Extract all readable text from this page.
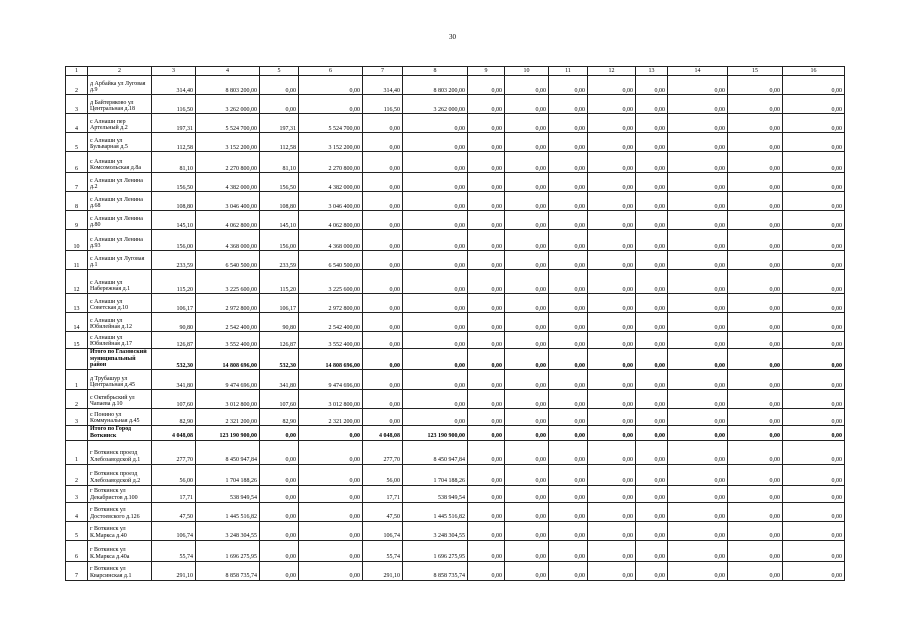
30
1	2	3	4	5	6	7	8	9	10	11	12	13	14	15	16
2	д Арбайка ул Луговая д.9	314,40	8 803 200,00	0,00	0,00	314,40	8 803 200,00	0,00	0,00	0,00	0,00	0,00	0,00	0,00	0,00
3	д Байтеряково ул Центральная д.18	116,50	3 262 000,00	0,00	0,00	116,50	3 262 000,00	0,00	0,00	0,00	0,00	0,00	0,00	0,00	0,00
4	с Алнаши пер Артельный д.2	197,31	5 524 700,00	197,31	5 524 700,00	0,00	0,00	0,00	0,00	0,00	0,00	0,00	0,00	0,00	0,00
5	с Алнаши ул Бульварная д.5	112,58	3 152 200,00	112,58	3 152 200,00	0,00	0,00	0,00	0,00	0,00	0,00	0,00	0,00	0,00	0,00
6	с Алнаши ул Комсомольская д.8а	81,10	2 270 800,00	81,10	2 270 800,00	0,00	0,00	0,00	0,00	0,00	0,00	0,00	0,00	0,00	0,00
7	с Алнаши ул Ленина д.2	156,50	4 382 000,00	156,50	4 382 000,00	0,00	0,00	0,00	0,00	0,00	0,00	0,00	0,00	0,00	0,00
8	с Алнаши ул Ленина д.68	108,80	3 046 400,00	108,80	3 046 400,00	0,00	0,00	0,00	0,00	0,00	0,00	0,00	0,00	0,00	0,00
9	с Алнаши ул Ленина д.80	145,10	4 062 800,00	145,10	4 062 800,00	0,00	0,00	0,00	0,00	0,00	0,00	0,00	0,00	0,00	0,00
10	с Алнаши ул Ленина д.93	156,00	4 368 000,00	156,00	4 368 000,00	0,00	0,00	0,00	0,00	0,00	0,00	0,00	0,00	0,00	0,00
11	с Алнаши ул Луговая д.1	233,59	6 540 500,00	233,59	6 540 500,00	0,00	0,00	0,00	0,00	0,00	0,00	0,00	0,00	0,00	0,00
12	с Алнаши ул Набережная д.1	115,20	3 225 600,00	115,20	3 225 600,00	0,00	0,00	0,00	0,00	0,00	0,00	0,00	0,00	0,00	0,00
13	с Алнаши ул Советская д.10	106,17	2 972 800,00	106,17	2 972 800,00	0,00	0,00	0,00	0,00	0,00	0,00	0,00	0,00	0,00	0,00
14	с Алнаши ул Юбилейная д.12	90,80	2 542 400,00	90,80	2 542 400,00	0,00	0,00	0,00	0,00	0,00	0,00	0,00	0,00	0,00	0,00
15	с Алнаши ул Юбилейная д.17	126,87	3 552 400,00	126,87	3 552 400,00	0,00	0,00	0,00	0,00	0,00	0,00	0,00	0,00	0,00	0,00
	Итого по Глазовский муниципальный район	532,30	14 808 696,00	532,30	14 808 696,00	0,00	0,00	0,00	0,00	0,00	0,00	0,00	0,00	0,00	0,00
1	д Трубашур ул Центральная д.45	341,80	9 474 696,00	341,80	9 474 696,00	0,00	0,00	0,00	0,00	0,00	0,00	0,00	0,00	0,00	0,00
2	с Октябрьский ул Чапаева д.10	107,60	3 012 800,00	107,60	3 012 800,00	0,00	0,00	0,00	0,00	0,00	0,00	0,00	0,00	0,00	0,00
3	с Понино ул Коммунальная д.45	82,90	2 321 200,00	82,90	2 321 200,00	0,00	0,00	0,00	0,00	0,00	0,00	0,00	0,00	0,00	0,00
	Итого по Город Воткинск	4 048,08	123 190 900,00	0,00	0,00	4 048,08	123 190 900,00	0,00	0,00	0,00	0,00	0,00	0,00	0,00	0,00
1	г Воткинск проезд Хлебозаводской д.1	277,70	8 450 947,84	0,00	0,00	277,70	8 450 947,84	0,00	0,00	0,00	0,00	0,00	0,00	0,00	0,00
2	г Воткинск проезд Хлебозаводской д.2	56,00	1 704 188,26	0,00	0,00	56,00	1 704 188,26	0,00	0,00	0,00	0,00	0,00	0,00	0,00	0,00
3	г Воткинск ул Декабристов д.100	17,71	538 949,54	0,00	0,00	17,71	538 949,54	0,00	0,00	0,00	0,00	0,00	0,00	0,00	0,00
4	г Воткинск ул Достоевского д.126	47,50	1 445 516,82	0,00	0,00	47,50	1 445 516,82	0,00	0,00	0,00	0,00	0,00	0,00	0,00	0,00
5	г Воткинск ул К.Маркса д.40	106,74	3 248 304,55	0,00	0,00	106,74	3 248 304,55	0,00	0,00	0,00	0,00	0,00	0,00	0,00	0,00
6	г Воткинск ул К.Маркса д.40а	55,74	1 696 275,95	0,00	0,00	55,74	1 696 275,95	0,00	0,00	0,00	0,00	0,00	0,00	0,00	0,00
7	г Воткинск ул Кварсинская д.1	291,10	8 858 735,74	0,00	0,00	291,10	8 858 735,74	0,00	0,00	0,00	0,00	0,00	0,00	0,00	0,00
